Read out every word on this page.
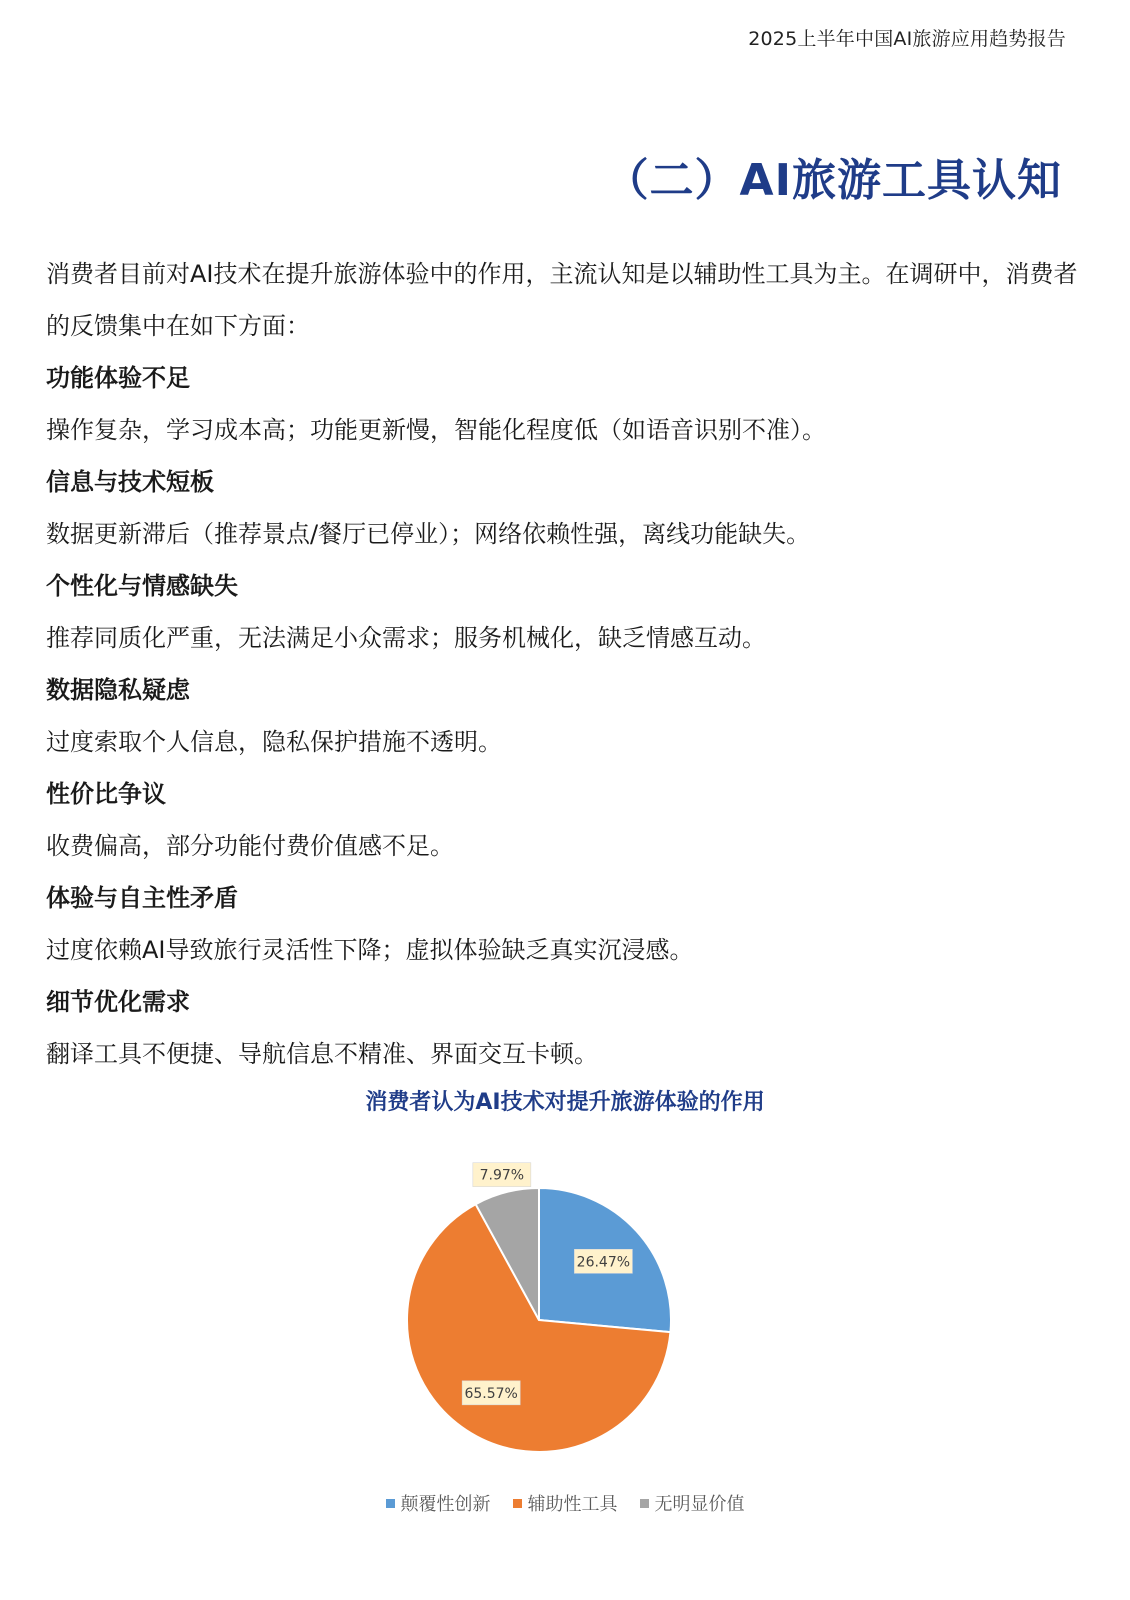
2025上半年中国AI旅游应用趋势报告
（二）AI旅游工具认知

消费者目前对AI技术在提升旅游体验中的作用，主流认知是以辅助性工具为主。在调研中，消费者的反馈集中在如下方面：

功能体验不足

操作复杂，学习成本高；功能更新慢，智能化程度低（如语音识别不准）。

信息与技术短板

数据更新滞后（推荐景点/餐厅已停业）；网络依赖性强，离线功能缺失。

个性化与情感缺失

推荐同质化严重，无法满足小众需求；服务机械化，缺乏情感互动。

数据隐私疑虑

过度索取个人信息，隐私保护措施不透明。

性价比争议

收费偏高，部分功能付费价值感不足。

体验与自主性矛盾

过度依赖AI导致旅行灵活性下降；虚拟体验缺乏真实沉浸感。

细节优化需求

翻译工具不便捷、导航信息不精准、界面交互卡顿。

消费者认为AI技术对提升旅游体验的作用
26.47%
65.57%
7.97%
颠覆性创新 辅助性工具 无明显价值
